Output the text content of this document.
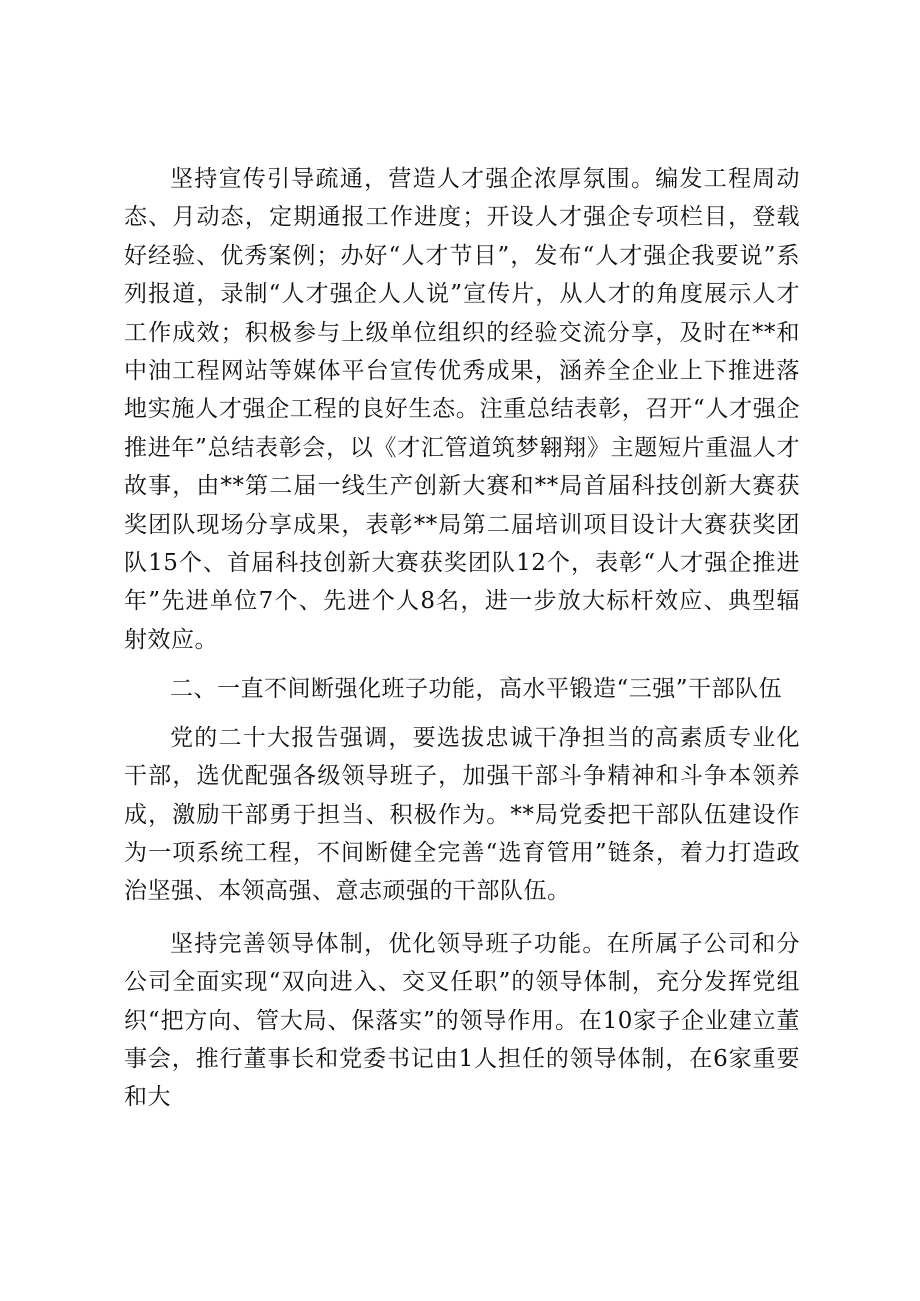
坚持宣传引导疏通，营造人才强企浓厚氛围。编发工程周动态、月动态，定期通报工作进度；开设人才强企专项栏目，登载好经验、优秀案例；办好“人才节目”，发布“人才强企我要说”系列报道，录制“人才强企人人说”宣传片，从人才的角度展示人才工作成效；积极参与上级单位组织的经验交流分享，及时在**和中油工程网站等媒体平台宣传优秀成果，涵养全企业上下推进落地实施人才强企工程的良好生态。注重总结表彰，召开“人才强企推进年”总结表彰会，以《才汇管道筑梦翱翔》主题短片重温人才故事，由**第二届一线生产创新大赛和**局首届科技创新大赛获奖团队现场分享成果，表彰**局第二届培训项目设计大赛获奖团队15个、首届科技创新大赛获奖团队12个，表彰“人才强企推进年”先进单位7个、先进个人8名，进一步放大标杆效应、典型辐射效应。

二、一直不间断强化班子功能，高水平锻造“三强”干部队伍

党的二十大报告强调，要选拔忠诚干净担当的高素质专业化干部，选优配强各级领导班子，加强干部斗争精神和斗争本领养成，激励干部勇于担当、积极作为。**局党委把干部队伍建设作为一项系统工程，不间断健全完善“选育管用”链条，着力打造政治坚强、本领高强、意志顽强的干部队伍。

坚持完善领导体制，优化领导班子功能。在所属子公司和分公司全面实现“双向进入、交叉任职”的领导体制，充分发挥党组织“把方向、管大局、保落实”的领导作用。在10家子企业建立董事会，推行董事长和党委书记由1人担任的领导体制，在6家重要和大
